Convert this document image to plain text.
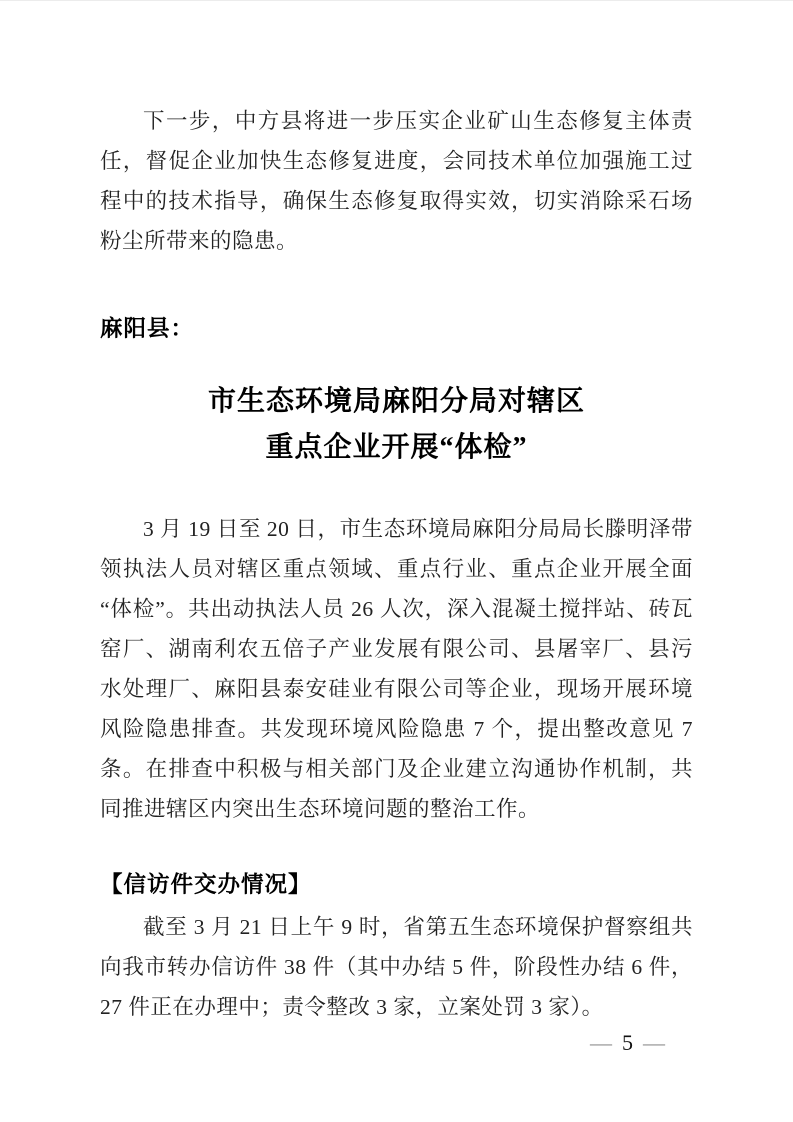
下一步，中方县将进一步压实企业矿山生态修复主体责任，督促企业加快生态修复进度，会同技术单位加强施工过程中的技术指导，确保生态修复取得实效，切实消除采石场粉尘所带来的隐患。

麻阳县：
市生态环境局麻阳分局对辖区
重点企业开展“体检”

3 月 19 日至 20 日，市生态环境局麻阳分局局长滕明泽带领执法人员对辖区重点领域、重点行业、重点企业开展全面“体检”。共出动执法人员 26 人次，深入混凝土搅拌站、砖瓦窑厂、湖南利农五倍子产业发展有限公司、县屠宰厂、县污水处理厂、麻阳县泰安硅业有限公司等企业，现场开展环境风险隐患排查。共发现环境风险隐患 7 个，提出整改意见 7 条。在排查中积极与相关部门及企业建立沟通协作机制，共同推进辖区内突出生态环境问题的整治工作。

【信访件交办情况】

截至 3 月 21 日上午 9 时，省第五生态环境保护督察组共向我市转办信访件 38 件（其中办结 5 件，阶段性办结 6 件，27 件正在办理中；责令整改 3 家，立案处罚 3 家）。

— 5 —
